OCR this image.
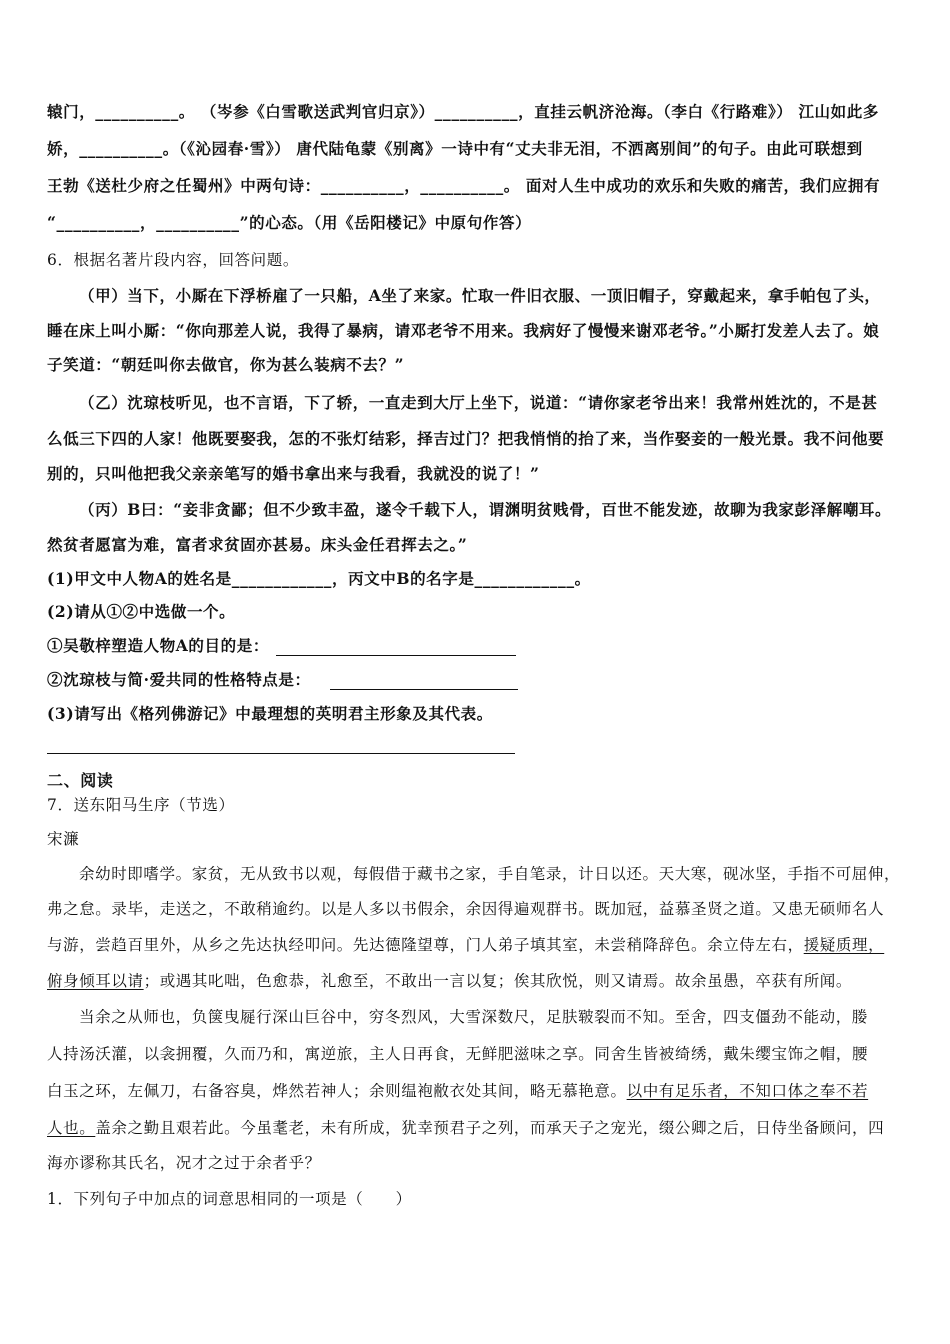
辕门，__________。 （岑参《白雪歌送武判官归京》）__________，直挂云帆济沧海。（李白《行路难》） 江山如此多
娇，__________。（《沁园春·雪》） 唐代陆龟蒙《别离》一诗中有“丈夫非无泪，不洒离别间”的句子。由此可联想到
王勃《送杜少府之任蜀州》中两句诗：__________，__________。 面对人生中成功的欢乐和失败的痛苦，我们应拥有
“__________，__________”的心态。（用《岳阳楼记》中原句作答）
6．根据名著片段内容，回答问题。
（甲）当下，小厮在下浮桥雇了一只船，A坐了来家。忙取一件旧衣服、一顶旧帽子，穿戴起来，拿手帕包了头，
睡在床上叫小厮：“你向那差人说，我得了暴病，请邓老爷不用来。我病好了慢慢来谢邓老爷。”小厮打发差人去了。娘
子笑道：“朝廷叫你去做官，你为甚么装病不去？”
（乙）沈琼枝听见，也不言语，下了轿，一直走到大厅上坐下，说道：“请你家老爷出来！我常州姓沈的，不是甚
么低三下四的人家！他既要娶我，怎的不张灯结彩，择吉过门？把我悄悄的抬了来，当作娶妾的一般光景。我不问他要
别的，只叫他把我父亲亲笔写的婚书拿出来与我看，我就没的说了！”
（丙）B曰：“妾非贪鄙；但不少致丰盈，遂令千载下人，谓渊明贫贱骨，百世不能发迹，故聊为我家彭泽解嘲耳。
然贫者愿富为难，富者求贫固亦甚易。床头金任君挥去之。”
(1)甲文中人物A的姓名是____________，丙文中B的名字是____________。
(2)请从①②中选做一个。
①吴敬梓塑造人物A的目的是：
②沈琼枝与简·爱共同的性格特点是：
(3)请写出《格列佛游记》中最理想的英明君主形象及其代表。
二、阅读
7．送东阳马生序（节选）
宋濂
余幼时即嗜学。家贫，无从致书以观，每假借于藏书之家，手自笔录，计日以还。天大寒，砚冰坚，手指不可屈伸，
弗之怠。录毕，走送之，不敢稍逾约。以是人多以书假余，余因得遍观群书。既加冠，益慕圣贤之道。又患无硕师名人
与游，尝趋百里外，从乡之先达执经叩问。先达德隆望尊，门人弟子填其室，未尝稍降辞色。余立侍左右，援疑质理，
俯身倾耳以请；或遇其叱咄，色愈恭，礼愈至，不敢出一言以复；俟其欣悦，则又请焉。故余虽愚，卒获有所闻。
当余之从师也，负箧曳屣行深山巨谷中，穷冬烈风，大雪深数尺，足肤皲裂而不知。至舍，四支僵劲不能动，媵
人持汤沃灌，以衾拥覆，久而乃和，寓逆旅，主人日再食，无鲜肥滋味之享。同舍生皆被绮绣，戴朱缨宝饰之帽，腰
白玉之环，左佩刀，右备容臭，烨然若神人；余则缊袍敝衣处其间，略无慕艳意。以中有足乐者，不知口体之奉不若
人也。盖余之勤且艰若此。今虽耄老，未有所成，犹幸预君子之列，而承天子之宠光，缀公卿之后，日侍坐备顾问，四
海亦谬称其氏名，况才之过于余者乎？
1．下列句子中加点的词意思相同的一项是（　　）
